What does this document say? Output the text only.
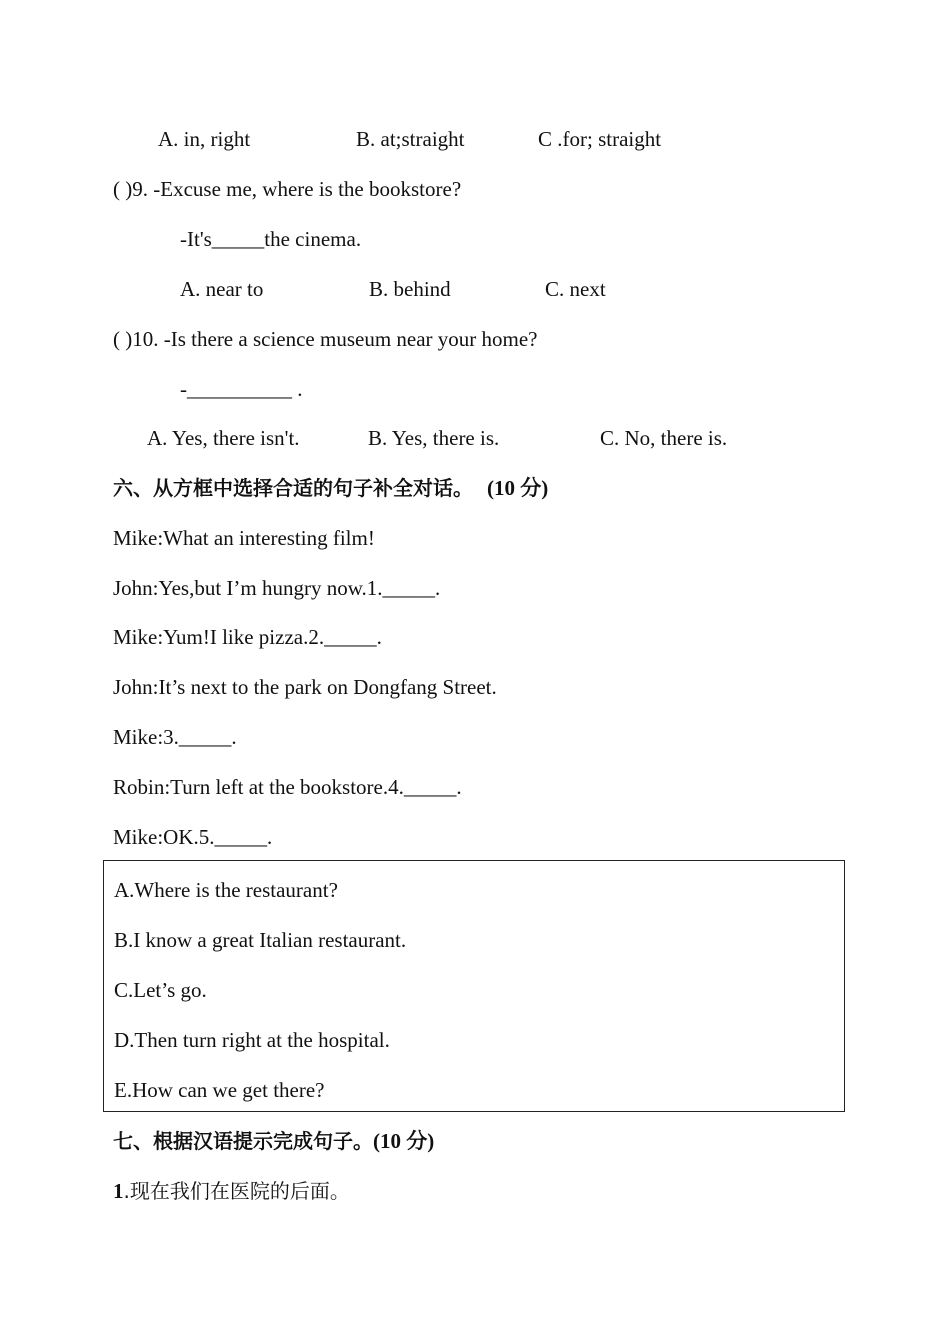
A. in, right	B. at;straight	C .for; straight
( )9. -Excuse me, where is the bookstore?
-It's_____the cinema.
A. near to	B. behind	C. next
( )10. -Is there a science museum near your home?
-__________ .
A. Yes, there isn't.	B. Yes, there is.	C. No, there is.
六、从方框中选择合适的句子补全对话。 (10 分)
Mike:What an interesting film!
John:Yes,but I’m hungry now.1._____.
Mike:Yum!I like pizza.2._____.
John:It’s next to the park on Dongfang Street.
Mike:3._____.
Robin:Turn left at the bookstore.4._____.
Mike:OK.5._____.
A.Where is the restaurant?
B.I know a great Italian restaurant.
C.Let’s go.
D.Then turn right at the hospital.
E.How can we get there?
七、根据汉语提示完成句子。(10 分)
1.现在我们在医院的后面。
